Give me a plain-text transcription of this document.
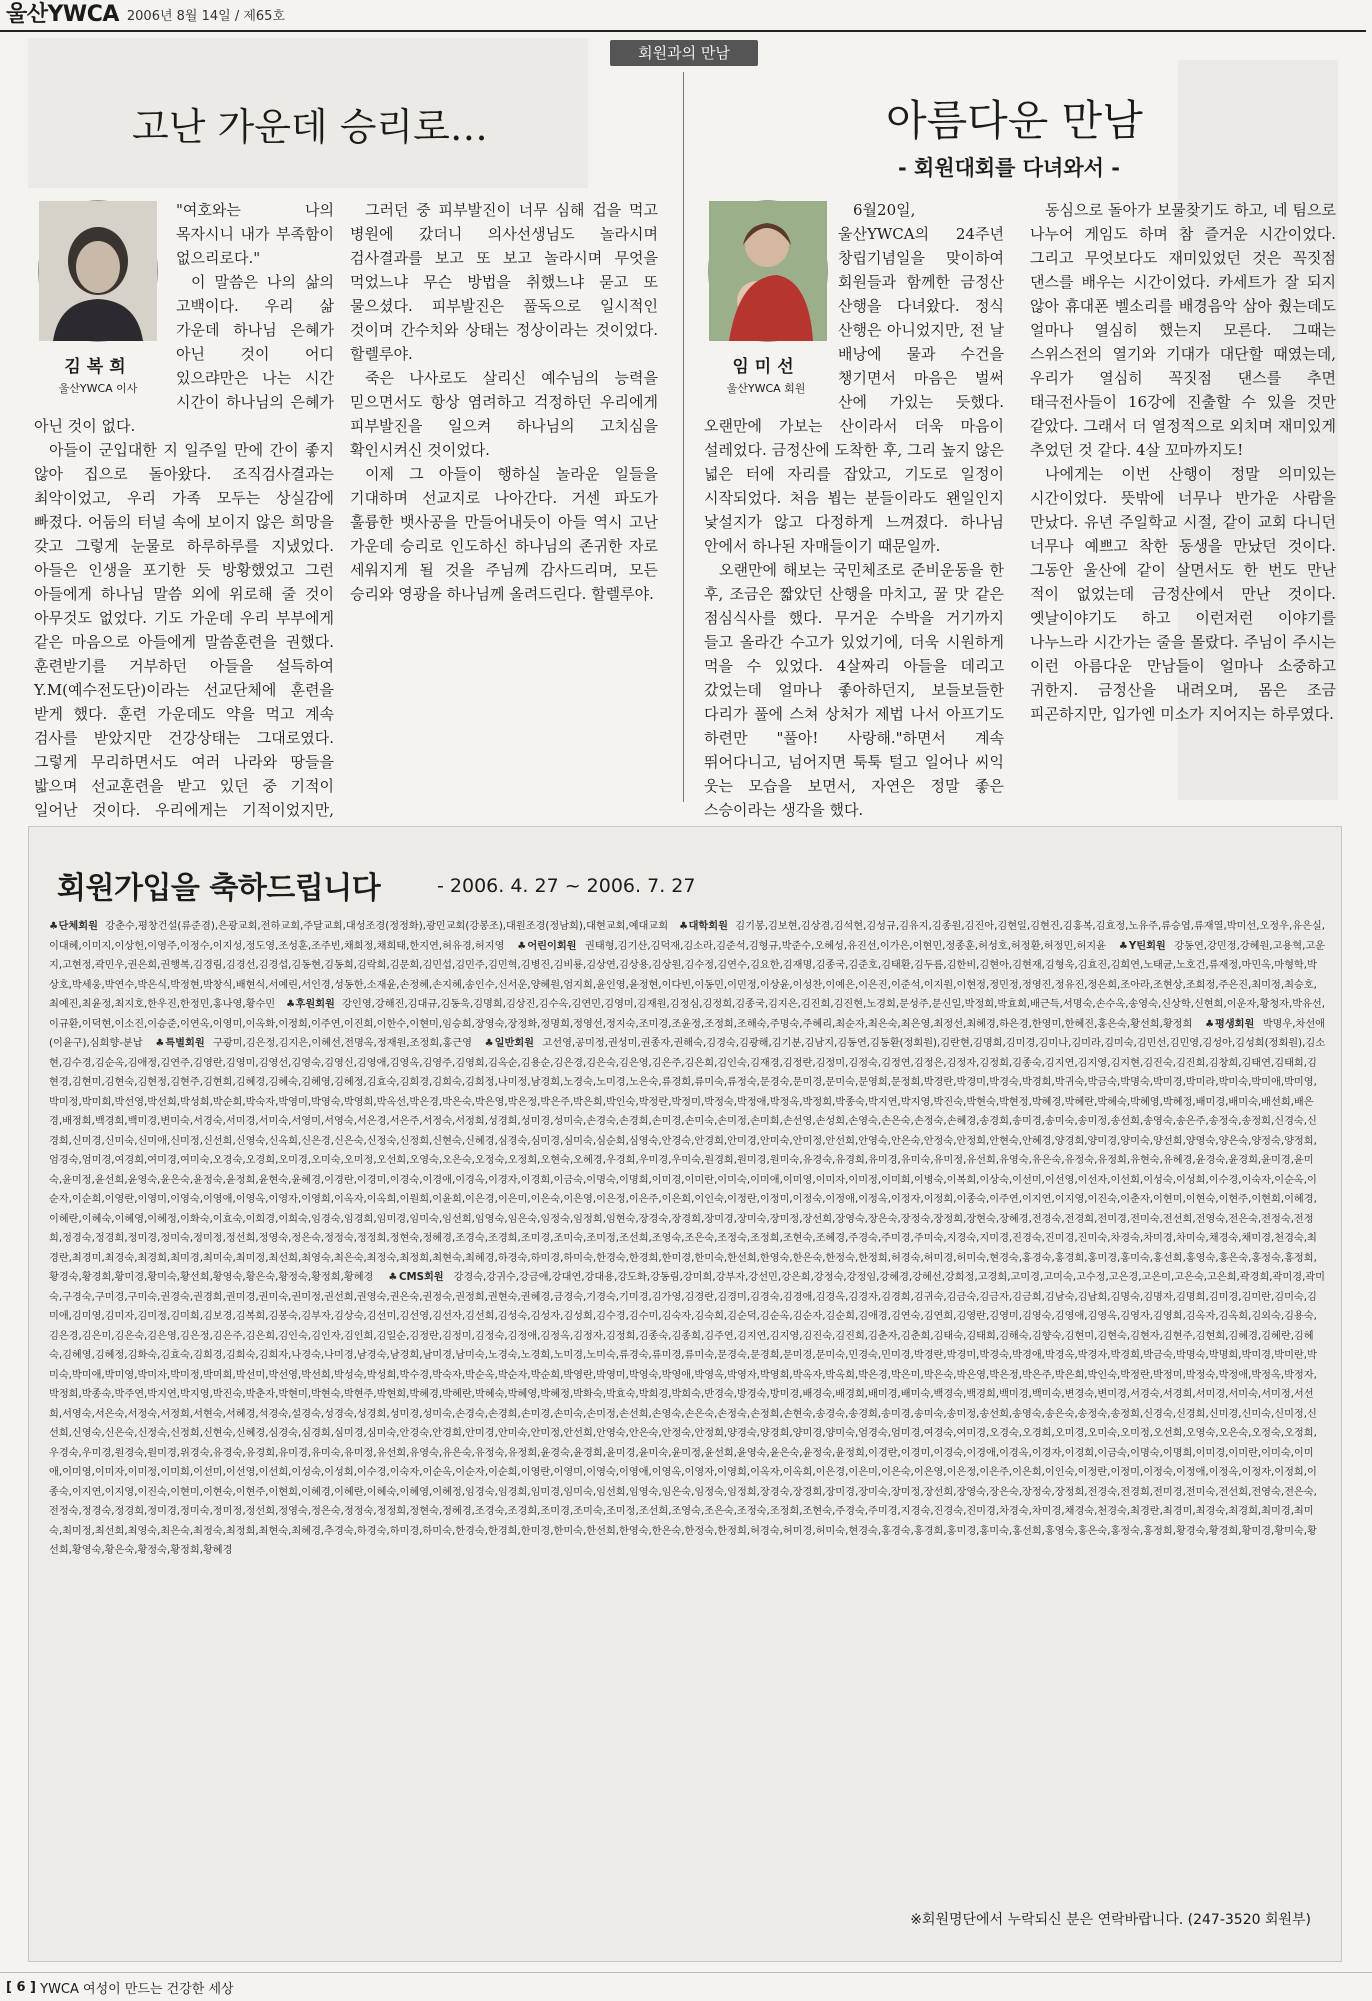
울산YWCA 2006년 8월 14일 / 제65호
회원과의 만남
고난 가운데 승리로…
김복희
울산YWCA 이사

"여호와는 나의 목자시니 내가 부족함이 없으리로다."

이 말씀은 나의 삶의 고백이다. 우리 삶 가운데 하나님 은혜가 아닌 것이 어디 있으랴만은 나는 시간 시간이 하나님의 은혜가 아닌 것이 없다.

아들이 군입대한 지 일주일 만에 간이 좋지 않아 집으로 돌아왔다. 조직검사결과는 최악이었고, 우리 가족 모두는 상실감에 빠졌다. 어둠의 터널 속에 보이지 않은 희망을 갖고 그렇게 눈물로 하루하루를 지냈었다. 아들은 인생을 포기한 듯 방황했었고 그런 아들에게 하나님 말씀 외에 위로해 줄 것이 아무것도 없었다. 기도 가운데 우리 부부에게 같은 마음으로 아들에게 말씀훈련을 권했다. 훈련받기를 거부하던 아들을 설득하여 Y.M(예수전도단)이라는 선교단체에 훈련을 받게 했다. 훈련 가운데도 약을 먹고 계속 검사를 받았지만 건강상태는 그대로였다. 그렇게 무리하면서도 여러 나라와 땅들을 밟으며 선교훈련을 받고 있던 중 기적이 일어난 것이다. 우리에게는 기적이었지만,

그러던 중 피부발진이 너무 심해 겁을 먹고 병원에 갔더니 의사선생님도 놀라시며 검사결과를 보고 또 보고 놀라시며 무엇을 먹었느냐 무슨 방법을 취했느냐 묻고 또 물으셨다. 피부발진은 풀독으로 일시적인 것이며 간수치와 상태는 정상이라는 것이었다. 할렐루야.

죽은 나사로도 살리신 예수님의 능력을 믿으면서도 항상 염려하고 걱정하던 우리에게 피부발진을 일으켜 하나님의 고치심을 확인시켜신 것이었다.

이제 그 아들이 행하실 놀라운 일들을 기대하며 선교지로 나아간다. 거센 파도가 훌륭한 뱃사공을 만들어내듯이 아들 역시 고난 가운데 승리로 인도하신 하나님의 존귀한 자로 세워지게 될 것을 주님께 감사드리며, 모든 승리와 영광을 하나님께 올려드린다. 할렐루야.

아름다운 만남
- 회원대회를 다녀와서 -
임미선
울산YWCA 회원

6월20일, 울산YWCA의 24주년 창립기념일을 맞이하여 회원들과 함께한 금정산 산행을 다녀왔다. 정식 산행은 아니었지만, 전 날 배낭에 물과 수건을 챙기면서 마음은 벌써 산에 가있는 듯했다. 오랜만에 가보는 산이라서 더욱 마음이 설레었다. 금정산에 도착한 후, 그리 높지 않은 넓은 터에 자리를 잡았고, 기도로 일정이 시작되었다. 처음 뵙는 분들이라도 왠일인지 낯설지가 않고 다정하게 느껴졌다. 하나님 안에서 하나된 자매들이기 때문일까.

오랜만에 해보는 국민체조로 준비운동을 한 후, 조금은 짧았던 산행을 마치고, 꿀 맛 같은 점심식사를 했다. 무거운 수박을 거기까지 들고 올라간 수고가 있었기에, 더욱 시원하게 먹을 수 있었다. 4살짜리 아들을 데리고 갔었는데 얼마나 좋아하던지, 보들보들한 다리가 풀에 스쳐 상처가 제법 나서 아프기도 하련만 "풀아! 사랑해."하면서 계속 뛰어다니고, 넘어지면 툭툭 털고 일어나 씨익 웃는 모습을 보면서, 자연은 정말 좋은 스승이라는 생각을 했다.

동심으로 돌아가 보물찾기도 하고, 네 팀으로 나누어 게임도 하며 참 즐거운 시간이었다. 그리고 무엇보다도 재미있었던 것은 꼭짓점 댄스를 배우는 시간이었다. 카세트가 잘 되지 않아 휴대폰 벨소리를 배경음악 삼아 췄는데도 얼마나 열심히 했는지 모른다. 그때는 스위스전의 열기와 기대가 대단할 때였는데, 우리가 열심히 꼭짓점 댄스를 추면 태극전사들이 16강에 진출할 수 있을 것만 같았다. 그래서 더 열정적으로 외치며 재미있게 추었던 것 같다. 4살 꼬마까지도!

나에게는 이번 산행이 정말 의미있는 시간이었다. 뜻밖에 너무나 반가운 사람을 만났다. 유년 주일학교 시절, 같이 교회 다니던 너무나 예쁘고 착한 동생을 만났던 것이다. 그동안 울산에 같이 살면서도 한 번도 만난 적이 없었는데 금정산에서 만난 것이다. 옛날이야기도 하고 이런저런 이야기를 나누느라 시간가는 줄을 몰랐다. 주님이 주시는 이런 아름다운 만남들이 얼마나 소중하고 귀한지. 금정산을 내려오며, 몸은 조금 피곤하지만, 입가엔 미소가 지어지는 하루였다.

회원가입을 축하드립니다	- 2006. 4. 27 ~ 2006. 7. 27
♣단체회원 강춘수,평창건설(류준겸),은광교회,전하교회,주달교회,대성조경(정정화),광민교회(강봉조),대원조경(정남희),대현교회,예대교회 ♣대학회원 김기봉,김보현,김상겸,김석현,김성규,김유지,김종원,김진아,김현일,김현진,김홍복,김효정,노유주,류승엽,류재열,박미선,오정우,유은실,이대혜,이미지,이상헌,이영주,이정수,이지성,정도영,조성훈,조주빈,채희정,채희태,한지연,허유경,허지영 ♣어린이회원 권태형,김기산,김덕재,김소라,김준석,김형규,박준수,오혜성,유진선,이가은,이현민,정종훈,허성호,허정환,허정민,허지윤 ♣Y틴회원 강동연,강민정,강혜원,고용혁,고운지,고현정,곽민우,권은희,권행복,김경림,김경선,김경섭,김동현,김동희,김락희,김문희,김민섭,김민주,김민혁,김병진,김비룡,김상연,김상용,김상원,김수정,김연수,김요한,김재명,김종국,김준호,김태환,김두름,김한비,김현아,김현재,김형욱,김효진,김희연,노태균,노호건,류재정,마민옥,마형학,박상호,박세웅,박연수,박은식,박정현,박창식,배현식,서예린,서인경,성동한,소재윤,손정혜,손지혜,송인수,신서운,양혜원,엄지희,윤인영,윤정현,이다빈,이동민,이민정,이상윤,이성찬,이예은,이은진,이준석,이지원,이현정,정민정,정영진,정유진,정은희,조아라,조현상,조희정,주은진,최미정,최승호,최예진,최윤정,최지호,한우진,한정민,홍나영,황수민 ♣후원회원 강인영,강해진,김대규,김동욱,김명희,김상진,김수옥,김연민,김영미,김재원,김정심,김정희,김종국,김지은,김진희,김진현,노경희,문성주,문신일,박정희,박효희,배근득,서명숙,손수옥,송영숙,신상학,신현희,이운자,황청자,박유선,이규환,이덕현,이소진,이승준,이연옥,이영미,이옥화,이정희,이주연,이진희,이한수,이현미,임승희,장영숙,장정화,정명희,정영선,정지숙,조미경,조윤정,조정희,조해숙,주명숙,주혜리,최순자,최은숙,최은영,최정선,최혜경,하은경,한영미,한혜진,홍은숙,황선희,황정희 ♣평생회원 박명우,차선애(이윤구),심희향-분납 ♣특별회원 구광미,김은정,김지은,이혜선,전명옥,정재원,조정희,홍근영 ♣일반회원 고선영,공미정,권성미,권종자,권해숙,김경숙,김광해,김기분,김남지,김동연,김동환(정회원),김란현,김명희,김미경,김미나,김미라,김미숙,김민선,김민영,김성아,김성희(정회원),김소현,김수경,김순옥,김애정,김연주,김영란,김영미,김영선,김영숙,김영신,김영애,김영옥,김영주,김영희,김옥순,김용순,김은경,김은숙,김은영,김은주,김은희,김인숙,김재경,김정란,김정미,김정숙,김정연,김정은,김정자,김정희,김종숙,김지연,김지영,김지현,김진숙,김진희,김창희,김태연,김태희,김현경,김현미,김현숙,김현정,김현주,김현희,김혜경,김혜숙,김혜영,김혜정,김효숙,김희경,김희숙,김희정,나미정,남경희,노경숙,노미경,노은숙,류경희,류미숙,류정숙,문경숙,문미경,문미숙,문영희,문정희,박경란,박경미,박경숙,박경희,박귀숙,박금숙,박명숙,박미경,박미라,박미숙,박미애,박미영,박미정,박미희,박선영,박선희,박성희,박순희,박숙자,박영미,박영숙,박영희,박옥선,박은경,박은숙,박은영,박은정,박은주,박은희,박인숙,박정란,박정미,박정숙,박정애,박정옥,박정희,박종숙,박지연,박지영,박진숙,박현숙,박현정,박혜경,박혜란,박혜숙,박혜영,박혜정,배미경,배미숙,배선희,배은경,배정희,백경희,백미경,변미숙,서경숙,서미경,서미숙,서영미,서영숙,서은경,서은주,서정숙,서정희,성경희,성미경,성미숙,손경숙,손경희,손미경,손미숙,손미정,손미희,손선영,손성희,손영숙,손은숙,손정숙,손혜경,송경희,송미경,송미숙,송미정,송선희,송영숙,송은주,송정숙,송정희,신경숙,신경희,신미경,신미숙,신미애,신미정,신선희,신영숙,신옥희,신은경,신은숙,신정숙,신정희,신현숙,신혜경,심경숙,심미경,심미숙,심순희,심영숙,안경숙,안경희,안미경,안미숙,안미정,안선희,안영숙,안은숙,안정숙,안정희,안현숙,안혜경,양경희,양미경,양미숙,양선희,양영숙,양은숙,양정숙,양정희,엄경숙,엄미경,여경희,여미경,여미숙,오경숙,오경희,오미경,오미숙,오미정,오선희,오영숙,오은숙,오정숙,오정희,오현숙,오혜경,우경희,우미경,우미숙,원경희,원미경,원미숙,유경숙,유경희,유미경,유미숙,유미정,유선희,유영숙,유은숙,유정숙,유정희,유현숙,유혜경,윤경숙,윤경희,윤미경,윤미숙,윤미정,윤선희,윤영숙,윤은숙,윤정숙,윤정희,윤현숙,윤혜경,이경란,이경미,이경숙,이경애,이경옥,이경자,이경희,이금숙,이명숙,이명희,이미경,이미란,이미숙,이미애,이미영,이미자,이미정,이미희,이병숙,이복희,이상숙,이선미,이선영,이선자,이선희,이성숙,이성희,이수경,이숙자,이순옥,이순자,이순희,이영란,이영미,이영숙,이영애,이영옥,이영자,이영희,이옥자,이옥희,이원희,이윤희,이은경,이은미,이은숙,이은영,이은정,이은주,이은희,이인숙,이정란,이정미,이정숙,이정애,이정옥,이정자,이정희,이종숙,이주연,이지연,이지영,이진숙,이춘자,이현미,이현숙,이현주,이현희,이혜경,이혜란,이혜숙,이혜영,이혜정,이화숙,이효숙,이희경,이희숙,임경숙,임경희,임미경,임미숙,임선희,임영숙,임은숙,임정숙,임정희,임현숙,장경숙,장경희,장미경,장미숙,장미정,장선희,장영숙,장은숙,장정숙,장정희,장현숙,장혜경,전경숙,전경희,전미경,전미숙,전선희,전영숙,전은숙,전정숙,전정희,정경숙,정경희,정미경,정미숙,정미정,정선희,정영숙,정은숙,정정숙,정정희,정현숙,정혜경,조경숙,조경희,조미경,조미숙,조미정,조선희,조영숙,조은숙,조정숙,조정희,조현숙,조혜경,주경숙,주미경,주미숙,지경숙,지미경,진경숙,진미경,진미숙,차경숙,차미경,차미숙,채경숙,채미경,천경숙,최경란,최경미,최경숙,최경희,최미경,최미숙,최미정,최선희,최영숙,최은숙,최정숙,최정희,최현숙,최혜경,하경숙,하미경,하미숙,한경숙,한경희,한미경,한미숙,한선희,한영숙,한은숙,한정숙,한정희,허경숙,허미경,허미숙,현경숙,홍경숙,홍경희,홍미경,홍미숙,홍선희,홍영숙,홍은숙,홍정숙,홍정희,황경숙,황경희,황미경,황미숙,황선희,황영숙,황은숙,황정숙,황정희,황혜경 ♣CMS회원 강경숙,강귀수,강금애,강대연,강대용,강도화,강동림,강미희,강부자,강선민,강은희,강정숙,강정임,강혜경,강혜선,강희정,고경희,고미경,고미숙,고수정,고은경,고은미,고은숙,고은희,곽경희,곽미경,곽미숙,구경숙,구미경,구미숙,권경숙,권경희,권미경,권미숙,권미정,권선희,권영숙,권은숙,권정숙,권정희,권현숙,권혜경,금경숙,기경숙,기미경,김가영,김경란,김경미,김경숙,김경애,김경옥,김경자,김경희,김귀숙,김금숙,김금자,김금희,김남숙,김남희,김명숙,김명자,김명희,김미경,김미란,김미숙,김미애,김미영,김미자,김미정,김미희,김보경,김복희,김봉숙,김부자,김상숙,김선미,김선영,김선자,김선희,김성숙,김성자,김성희,김수경,김수미,김숙자,김숙희,김순덕,김순옥,김순자,김순희,김애경,김연숙,김연희,김영란,김영미,김영숙,김영애,김영옥,김영자,김영희,김옥자,김옥희,김외숙,김용숙,김은경,김은미,김은숙,김은영,김은정,김은주,김은희,김인숙,김인자,김인희,김일순,김정란,김정미,김정숙,김정애,김정옥,김정자,김정희,김종숙,김종희,김주연,김지연,김지영,김진숙,김진희,김춘자,김춘희,김태숙,김태희,김해숙,김향숙,김현미,김현숙,김현자,김현주,김현희,김혜경,김혜란,김혜숙,김혜영,김혜정,김화숙,김효숙,김희경,김희숙,김희자,나경숙,나미경,남경숙,남경희,남미경,남미숙,노경숙,노경희,노미경,노미숙,류경숙,류미경,류미숙,문경숙,문경희,문미경,문미숙,민경숙,민미경,박경란,박경미,박경숙,박경애,박경옥,박경자,박경희,박금숙,박명숙,박명희,박미경,박미란,박미숙,박미애,박미영,박미자,박미정,박미희,박선미,박선영,박선희,박성숙,박성희,박수경,박숙자,박순옥,박순자,박순희,박영란,박영미,박영숙,박영애,박영옥,박영자,박영희,박옥자,박옥희,박은경,박은미,박은숙,박은영,박은정,박은주,박은희,박인숙,박정란,박정미,박정숙,박정애,박정옥,박정자,박정희,박종숙,박주연,박지연,박지영,박진숙,박춘자,박현미,박현숙,박현주,박현희,박혜경,박혜란,박혜숙,박혜영,박혜정,박화숙,박효숙,박희경,박희숙,반경숙,방경숙,방미경,배경숙,배경희,배미경,배미숙,백경숙,백경희,백미경,백미숙,변경숙,변미경,서경숙,서경희,서미경,서미숙,서미정,서선희,서영숙,서은숙,서정숙,서정희,서현숙,서혜경,석경숙,설경숙,성경숙,성경희,성미경,성미숙,손경숙,손경희,손미경,손미숙,손미정,손선희,손영숙,손은숙,손정숙,손정희,손현숙,송경숙,송경희,송미경,송미숙,송미정,송선희,송영숙,송은숙,송정숙,송정희,신경숙,신경희,신미경,신미숙,신미정,신선희,신영숙,신은숙,신정숙,신정희,신현숙,신혜경,심경숙,심경희,심미경,심미숙,안경숙,안경희,안미경,안미숙,안미정,안선희,안영숙,안은숙,안정숙,안정희,양경숙,양경희,양미경,양미숙,엄경숙,엄미경,여경숙,여미경,오경숙,오경희,오미경,오미숙,오미정,오선희,오영숙,오은숙,오정숙,오정희,우경숙,우미경,원경숙,원미경,위경숙,유경숙,유경희,유미경,유미숙,유미정,유선희,유영숙,유은숙,유정숙,유정희,윤경숙,윤경희,윤미경,윤미숙,윤미정,윤선희,윤영숙,윤은숙,윤정숙,윤정희,이경란,이경미,이경숙,이경애,이경옥,이경자,이경희,이금숙,이명숙,이명희,이미경,이미란,이미숙,이미애,이미영,이미자,이미정,이미희,이선미,이선영,이선희,이성숙,이성희,이수경,이숙자,이순옥,이순자,이순희,이영란,이영미,이영숙,이영애,이영옥,이영자,이영희,이옥자,이옥희,이은경,이은미,이은숙,이은영,이은정,이은주,이은희,이인숙,이정란,이정미,이정숙,이정애,이정옥,이정자,이정희,이종숙,이지연,이지영,이진숙,이현미,이현숙,이현주,이현희,이혜경,이혜란,이혜숙,이혜영,이혜정,임경숙,임경희,임미경,임미숙,임선희,임영숙,임은숙,임정숙,임정희,장경숙,장경희,장미경,장미숙,장미정,장선희,장영숙,장은숙,장정숙,장정희,전경숙,전경희,전미경,전미숙,전선희,전영숙,전은숙,전정숙,정경숙,정경희,정미경,정미숙,정미정,정선희,정영숙,정은숙,정정숙,정정희,정현숙,정혜경,조경숙,조경희,조미경,조미숙,조미정,조선희,조영숙,조은숙,조정숙,조정희,조현숙,주경숙,주미경,지경숙,진경숙,진미경,차경숙,차미경,채경숙,천경숙,최경란,최경미,최경숙,최경희,최미경,최미숙,최미정,최선희,최영숙,최은숙,최정숙,최정희,최현숙,최혜경,추경숙,하경숙,하미경,하미숙,한경숙,한경희,한미경,한미숙,한선희,한영숙,한은숙,한정숙,한정희,허경숙,허미경,허미숙,현경숙,홍경숙,홍경희,홍미경,홍미숙,홍선희,홍영숙,홍은숙,홍정숙,홍정희,황경숙,황경희,황미경,황미숙,황선희,황영숙,황은숙,황정숙,황정희,황혜경
※회원명단에서 누락되신 분은 연락바랍니다. (247-3520 회원부)
[ 6 ]
YWCA 여성이 만드는 건강한 세상
